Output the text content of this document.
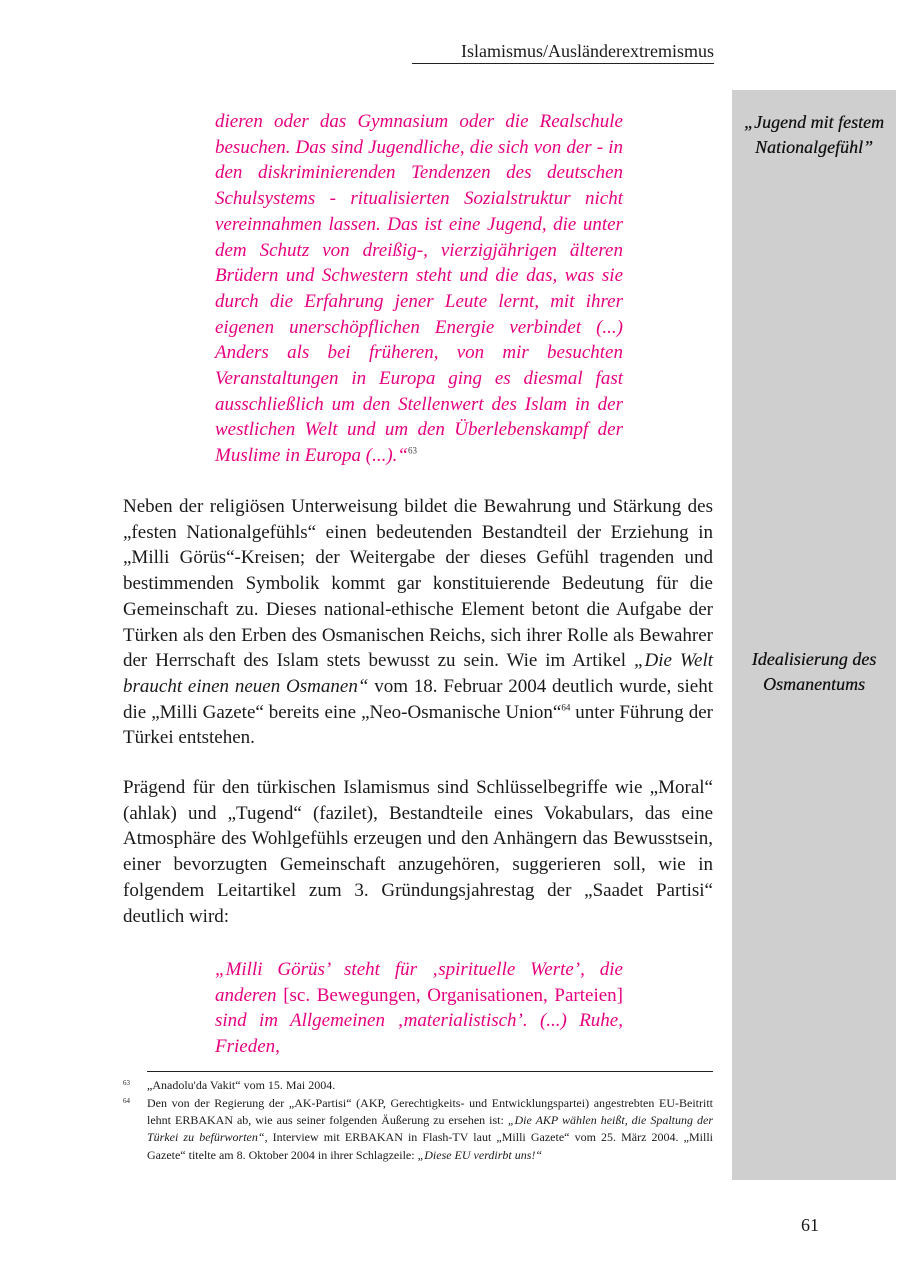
Islamismus/Ausländerextremismus
„Jugend mit festem Nationalgefühl”
Idealisierung des Osmanentums

dieren oder das Gymnasium oder die Realschule besuchen. Das sind Jugendliche, die sich von der - in den diskriminierenden Tendenzen des deutschen Schulsystems - ritualisierten Sozialstruktur nicht vereinnahmen lassen. Das ist eine Jugend, die unter dem Schutz von dreißig-, vierzigjährigen älteren Brüdern und Schwestern steht und die das, was sie durch die Erfahrung jener Leute lernt, mit ihrer eigenen unerschöpflichen Energie verbindet (...) Anders als bei früheren, von mir besuchten Veranstaltungen in Europa ging es diesmal fast ausschließlich um den Stellenwert des Islam in der westlichen Welt und um den Überlebenskampf der Muslime in Europa (...).“$^{63}$

Neben der religiösen Unterweisung bildet die Bewahrung und Stärkung des „festen Nationalgefühls“ einen bedeutenden Bestandteil der Erziehung in „Milli Görüs“-Kreisen; der Weitergabe der dieses Gefühl tragenden und bestimmenden Symbolik kommt gar konstituierende Bedeutung für die Gemeinschaft zu. Dieses national-ethische Element betont die Aufgabe der Türken als den Erben des Osmanischen Reichs, sich ihrer Rolle als Bewahrer der Herrschaft des Islam stets bewusst zu sein. Wie im Artikel „Die Welt braucht einen neuen Osmanen“ vom 18. Februar 2004 deutlich wurde, sieht die „Milli Gazete“ bereits eine „Neo-Osmanische Union“$^{64}$ unter Führung der Türkei entstehen.

Prägend für den türkischen Islamismus sind Schlüsselbegriffe wie „Moral“ (ahlak) und „Tugend“ (fazilet), Bestandteile eines Vokabulars, das eine Atmosphäre des Wohlgefühls erzeugen und den Anhängern das Bewusstsein, einer bevorzugten Gemeinschaft anzugehören, suggerieren soll, wie in folgendem Leitartikel zum 3. Gründungsjahrestag der „Saadet Partisi“ deutlich wird:

„Milli Görüs’ steht für ‚spirituelle Werte’, die anderen [sc. Bewegungen, Organisationen, Parteien] sind im Allgemeinen ‚materialistisch’. (...) Ruhe, Frieden,

63 „Anadolu'da Vakit“ vom 15. Mai 2004.
64 Den von der Regierung der „AK-Partisi“ (AKP, Gerechtigkeits- und Entwicklungspartei) angestrebten EU-Beitritt lehnt ERBAKAN ab, wie aus seiner folgenden Äußerung zu ersehen ist: „Die AKP wählen heißt, die Spaltung der Türkei zu befürworten“, Interview mit ERBAKAN in Flash-TV laut „Milli Gazete“ vom 25. März 2004. „Milli Gazete“ titelte am 8. Oktober 2004 in ihrer Schlagzeile: „Diese EU verdirbt uns!“
61
